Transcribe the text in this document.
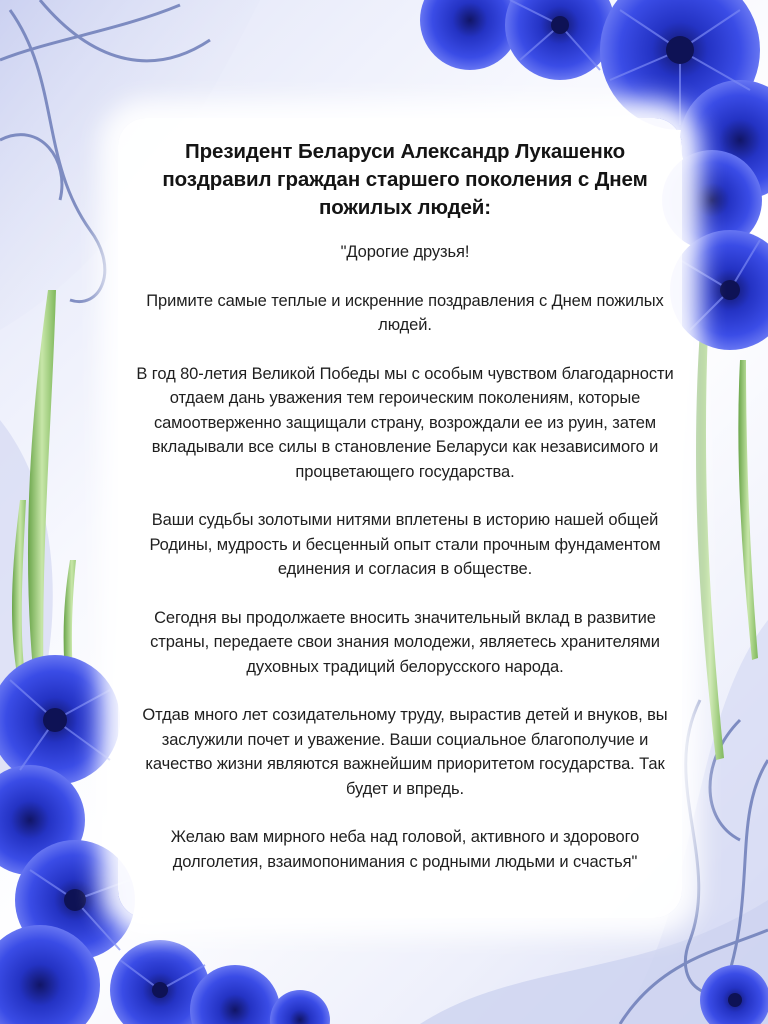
Президент Беларуси Александр Лукашенко поздравил граждан старшего поколения с Днем пожилых людей:

"Дорогие друзья!

Примите самые теплые и искренние поздравления с Днем пожилых людей.

В год 80-летия Великой Победы мы с особым чувством благодарности отдаем дань уважения тем героическим поколениям, которые самоотверженно защищали страну, возрождали ее из руин, затем вкладывали все силы в становление Беларуси как независимого и процветающего государства.

Ваши судьбы золотыми нитями вплетены в историю нашей общей Родины, мудрость и бесценный опыт стали прочным фундаментом единения и согласия в обществе.

Сегодня вы продолжаете вносить значительный вклад в развитие страны, передаете свои знания молодежи, являетесь хранителями духовных традиций белорусского народа.

Отдав много лет созидательному труду, вырастив детей и внуков, вы заслужили почет и уважение. Ваши социальное благополучие и качество жизни являются важнейшим приоритетом государства. Так будет и впредь.

Желаю вам мирного неба над головой, активного и здорового долголетия, взаимопонимания с родными людьми и счастья"
